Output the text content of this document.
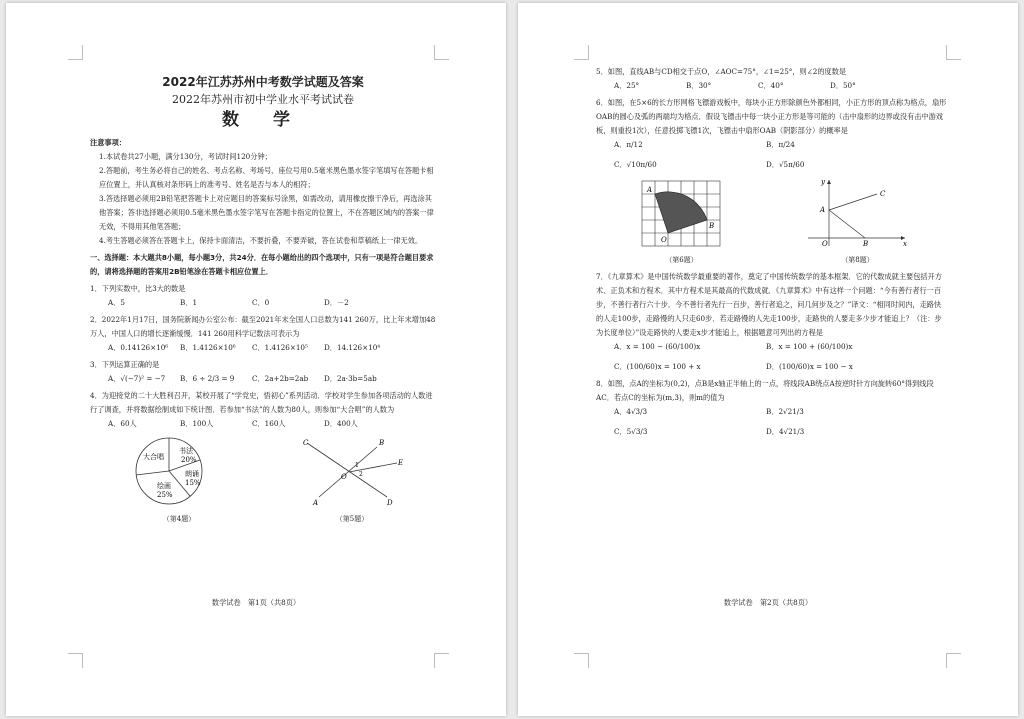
2022年江苏苏州中考数学试题及答案
2022年苏州市初中学业水平考试试卷
数 学

注意事项：

1.本试卷共27小题，满分130分，考试时间120分钟；

2.答题前，考生务必将自己的姓名、考点名称、考场号、座位号用0.5毫米黑色墨水签字笔填写在答题卡相应位置上，并认真核对条形码上的准考号、姓名是否与本人的相符；

3.答选择题必须用2B铅笔把答题卡上对应题目的答案标号涂黑，如需改动，请用橡皮擦干净后，再选涂其他答案；答非选择题必须用0.5毫米黑色墨水签字笔写在答题卡指定的位置上，不在答题区域内的答案一律无效，不得用其他笔答题；

4.考生答题必须答在答题卡上，保持卡面清洁，不要折叠，不要弄破，答在试卷和草稿纸上一律无效。

一、选择题：本大题共8小题，每小题3分，共24分．在每小题给出的四个选项中，只有一项是符合题目要求的，请将选择题的答案用2B铅笔涂在答题卡相应位置上．

1．下列实数中，比3大的数是

A．5	B．1	C．0	D．－2

2．2022年1月17日，国务院新闻办公室公布：截至2021年末全国人口总数为141 260万，比上年末增加48万人，中国人口的增长逐渐缓慢．141 260用科学记数法可表示为

A．0.14126×10⁶	B．1.4126×10⁶	C．1.4126×10⁵	D．14.126×10⁴

3．下列运算正确的是

A．√(−7)² = −7	B．6 ÷ 2/3 = 9	C．2a+2b=2ab	D．2a·3b=5ab

4．为迎接党的二十大胜利召开，某校开展了“学党史，悟初心”系列活动．学校对学生参加各项活动的人数进行了调查，并将数据绘制成如下统计图．若参加“书法”的人数为80人，则参加“大合唱”的人数为

A．60人	B．100人	C．160人	D．400人
大合唱
书法
20%
朗诵
15%
绘画
25%
（第4题）
C	B
E
O
1
2
A	D
（第5题）
数学试卷　第1页（共8页）

5．如图，直线AB与CD相交于点O，∠AOC=75°，∠1=25°，则∠2的度数是

A．25°	B．30°	C．40°	D．50°

6．如图，在5×6的长方形网格飞镖游戏板中，每块小正方形除颜色外都相同，小正方形的顶点称为格点，扇形OAB的圆心及弧的两端均为格点．假设飞镖击中每一块小正方形是等可能的（击中扇形的边界或没有击中游戏板，则重投1次），任意投掷飞镖1次，飞镖击中扇形OAB（阴影部分）的概率是

A．π/12	B．π/24
C．√10π/60	D．√5π/60
A
O
B
（第6题）
y
C
A
O	B	x
（第8题）

7．《九章算术》是中国传统数学最重要的著作，奠定了中国传统数学的基本框架．它的代数成就主要包括开方术、正负术和方程术．其中方程术是其最高的代数成就．《九章算术》中有这样一个问题：“今有善行者行一百步，不善行者行六十步．今不善行者先行一百步，善行者追之，问几何步及之？”译文：“相同时间内，走路快的人走100步，走路慢的人只走60步．若走路慢的人先走100步，走路快的人要走多少步才能追上？（注：步为长度单位）”设走路快的人要走x步才能追上，根据题意可列出的方程是

A．x = 100 − (60/100)x	B．x = 100 + (60/100)x
C．(100/60)x = 100 + x	D．(100/60)x = 100 − x

8．如图，点A的坐标为(0,2)，点B是x轴正半轴上的一点，将线段AB绕点A按逆时针方向旋转60°得到线段AC．若点C的坐标为(m,3)，则m的值为

A．4√3/3	B．2√21/3
C．5√3/3	D．4√21/3
数学试卷　第2页（共8页）
